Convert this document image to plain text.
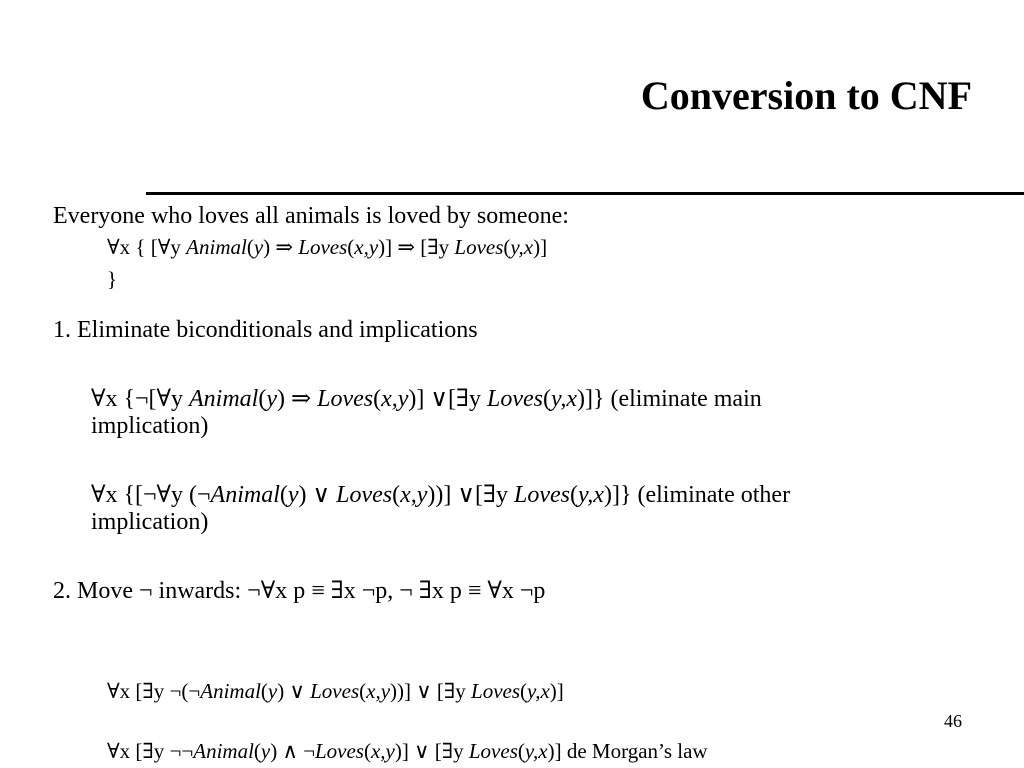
Conversion to CNF
Everyone who loves all animals is loved by someone:
∀x { [∀y Animal(y) ⇒ Loves(x,y)] ⇒ [∃y Loves(y,x)]
}
1. Eliminate biconditionals and implications
∀x {¬[∀y Animal(y) ⇒ Loves(x,y)] ∨[∃y Loves(y,x)]} (eliminate main
implication)
∀x {[¬∀y (¬Animal(y) ∨ Loves(x,y))] ∨[∃y Loves(y,x)]} (eliminate other
implication)
2. Move ¬ inwards: ¬∀x p ≡ ∃x ¬p, ¬ ∃x p ≡ ∀x ¬p
∀x [∃y ¬(¬Animal(y) ∨ Loves(x,y))] ∨ [∃y Loves(y,x)]
46
∀x [∃y ¬¬Animal(y) ∧ ¬Loves(x,y)] ∨ [∃y Loves(y,x)] de Morgan’s law
